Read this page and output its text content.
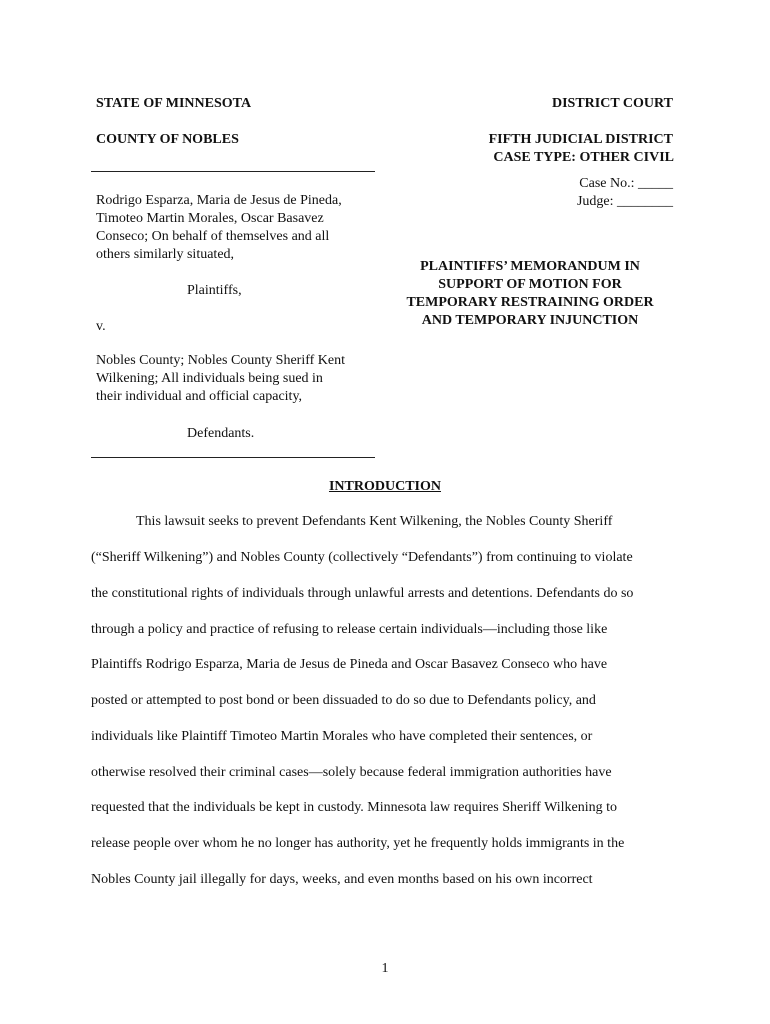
STATE OF MINNESOTA	DISTRICT COURT
COUNTY OF NOBLES	FIFTH JUDICIAL DISTRICT
CASE TYPE: OTHER CIVIL
Case No.: _____
Judge: ________
Rodrigo Esparza, Maria de Jesus de Pineda,
Timoteo Martin Morales, Oscar Basavez
Conseco; On behalf of themselves and all
others similarly situated,
Plaintiffs,
v.
Nobles County; Nobles County Sheriff Kent
Wilkening; All individuals being sued in
their individual and official capacity,
Defendants.
PLAINTIFFS’ MEMORANDUM IN
SUPPORT OF MOTION FOR
TEMPORARY RESTRAINING ORDER
AND TEMPORARY INJUNCTION
INTRODUCTION
This lawsuit seeks to prevent Defendants Kent Wilkening, the Nobles County Sheriff
(“Sheriff Wilkening”) and Nobles County (collectively “Defendants”) from continuing to violate
the constitutional rights of individuals through unlawful arrests and detentions. Defendants do so
through a policy and practice of refusing to release certain individuals—including those like
Plaintiffs Rodrigo Esparza, Maria de Jesus de Pineda and Oscar Basavez Conseco who have
posted or attempted to post bond or been dissuaded to do so due to Defendants policy, and
individuals like Plaintiff Timoteo Martin Morales who have completed their sentences, or
otherwise resolved their criminal cases—solely because federal immigration authorities have
requested that the individuals be kept in custody. Minnesota law requires Sheriff Wilkening to
release people over whom he no longer has authority, yet he frequently holds immigrants in the
Nobles County jail illegally for days, weeks, and even months based on his own incorrect
1
